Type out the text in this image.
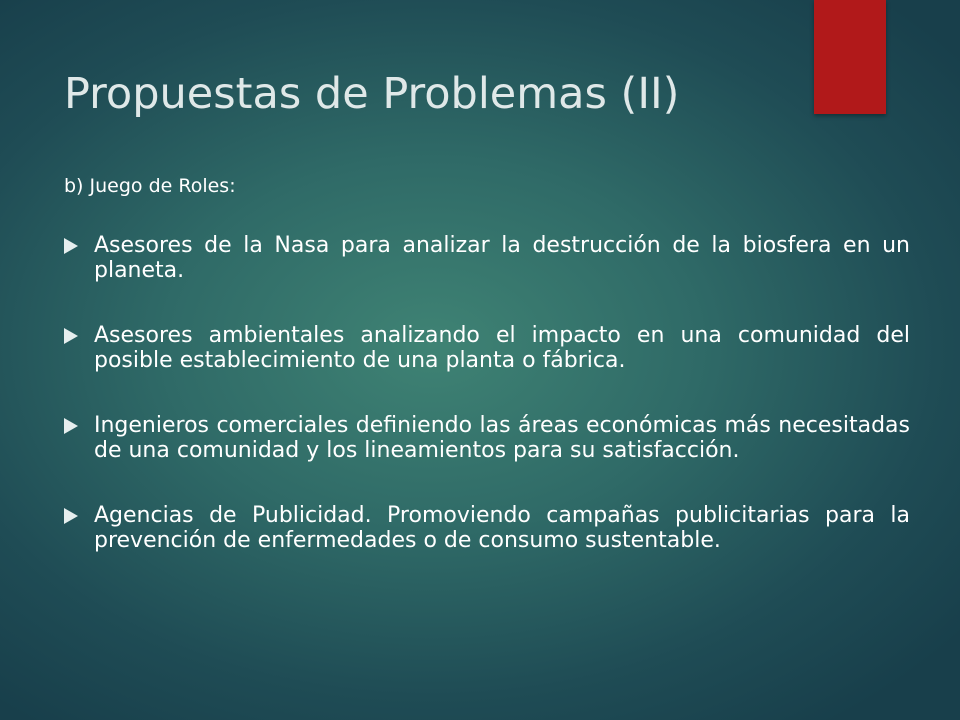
Propuestas de Problemas (II)

b) Juego de Roles:

Asesores de la Nasa para analizar la destrucción de la biosfera en un planeta.
Asesores ambientales analizando el impacto en una comunidad del posible establecimiento de una planta o fábrica.
Ingenieros comerciales definiendo las áreas económicas más necesitadas de una comunidad y los lineamientos para su satisfacción.
Agencias de Publicidad. Promoviendo campañas publicitarias para la prevención de enfermedades o de consumo sustentable.
